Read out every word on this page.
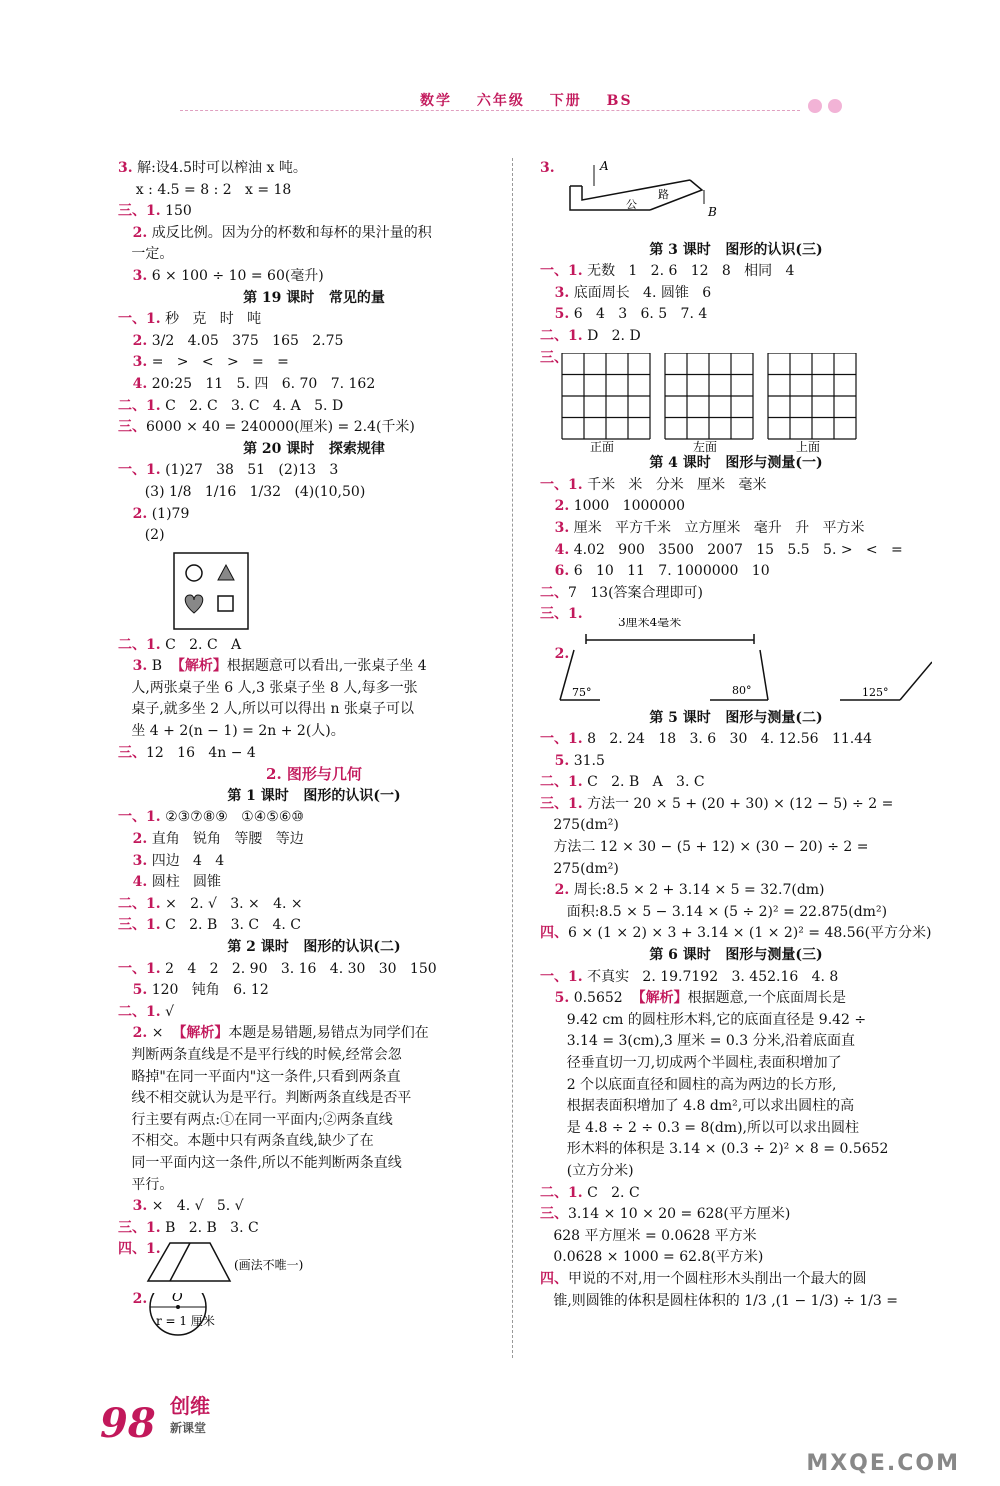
数学 六年级 下册 BS
3. 解:设4.5时可以榨油 x 吨。
x : 4.5 = 8 : 2   x = 18
三、1. 150
2. 成反比例。因为分的杯数和每杯的果汁量的积
一定。
3. 6 × 100 ÷ 10 = 60(毫升)
第 19 课时   常见的量
一、1. 秒   克   时   吨
2. 3/2   4.05   375   165   2.75
3. =   >   <   >   =   =
4. 20:25   11   5. 四   6. 70   7. 162
二、1. C   2. C   3. C   4. A   5. D
三、6000 × 40 = 240000(厘米) = 2.4(千米)
第 20 课时   探索规律
一、1. (1)27   38   51   (2)13   3
(3) 1/8   1/16   1/32   (4)(10,50)
2. (1)79
(2)
二、1. C   2. C   A
3. B  【解析】根据题意可以看出,一张桌子坐 4
人,两张桌子坐 6 人,3 张桌子坐 8 人,每多一张
桌子,就多坐 2 人,所以可以得出 n 张桌子可以
坐 4 + 2(n − 1) = 2n + 2(人)。
三、12   16   4n − 4
2. 图形与几何
第 1 课时   图形的认识(一)
一、1. ②③⑦⑧⑨   ①④⑤⑥⑩
2. 直角   锐角   等腰   等边
3. 四边   4   4
4. 圆柱   圆锥
二、1. ×   2. √   3. ×   4. ×
三、1. C   2. B   3. C   4. C
第 2 课时   图形的认识(二)
一、1. 2   4   2   2. 90   3. 16   4. 30   30   150
5. 120   钝角   6. 12
二、1. √
2. ×  【解析】本题是易错题,易错点为同学们在
判断两条直线是不是平行线的时候,经常会忽
略掉"在同一平面内"这一条件,只看到两条直
线不相交就认为是平行。判断两条直线是否平
行主要有两点:①在同一平面内;②两条直线
不相交。本题中只有两条直线,缺少了在
同一平面内这一条件,所以不能判断两条直线
平行。
3. ×   4. √   5. √
三、1. B   2. B   3. C
四、1.
(画法不唯一)
2.	O
r = 1 厘米
3.	A
B
公
路
第 3 课时   图形的认识(三)
一、1. 无数   1   2. 6   12   8   相同   4
3. 底面周长   4. 圆锥   6
5. 6   4   3   6. 5   7. 4
二、1. D   2. D
三、
正面	左面	上面
第 4 课时   图形与测量(一)
一、1. 千米   米   分米   厘米   毫米
2. 1000   1000000
3. 厘米   平方千米   立方厘米   毫升   升   平方米
4. 4.02   900   3500   2007   15   5.5   5. >   <   =
6. 6   10   11   7. 1000000   10
二、7   13(答案合理即可)
三、1.	3厘米4毫米
2.
75°	80°	125°
第 5 课时   图形与测量(二)
一、1. 8   2. 24   18   3. 6   30   4. 12.56   11.44
5. 31.5
二、1. C   2. B   A   3. C
三、1. 方法一 20 × 5 + (20 + 30) × (12 − 5) ÷ 2 =
275(dm²)
方法二 12 × 30 − (5 + 12) × (30 − 20) ÷ 2 =
275(dm²)
2. 周长:8.5 × 2 + 3.14 × 5 = 32.7(dm)
面积:8.5 × 5 − 3.14 × (5 ÷ 2)² = 22.875(dm²)
四、6 × (1 × 2) × 3 + 3.14 × (1 × 2)² = 48.56(平方分米)
第 6 课时   图形与测量(三)
一、1. 不真实   2. 19.7192   3. 452.16   4. 8
5. 0.5652  【解析】根据题意,一个底面周长是
9.42 cm 的圆柱形木料,它的底面直径是 9.42 ÷
3.14 = 3(cm),3 厘米 = 0.3 分米,沿着底面直
径垂直切一刀,切成两个半圆柱,表面积增加了
2 个以底面直径和圆柱的高为两边的长方形,
根据表面积增加了 4.8 dm²,可以求出圆柱的高
是 4.8 ÷ 2 ÷ 0.3 = 8(dm),所以可以求出圆柱
形木料的体积是 3.14 × (0.3 ÷ 2)² × 8 = 0.5652
(立方分米)
二、1. C   2. C
三、3.14 × 10 × 20 = 628(平方厘米)
628 平方厘米 = 0.0628 平方米
0.0628 × 1000 = 62.8(平方米)
四、甲说的不对,用一个圆柱形木头削出一个最大的圆
锥,则圆锥的体积是圆柱体积的 1/3 ,(1 − 1/3) ÷ 1/3 =
98 创维
新课堂
MXQE.COM
